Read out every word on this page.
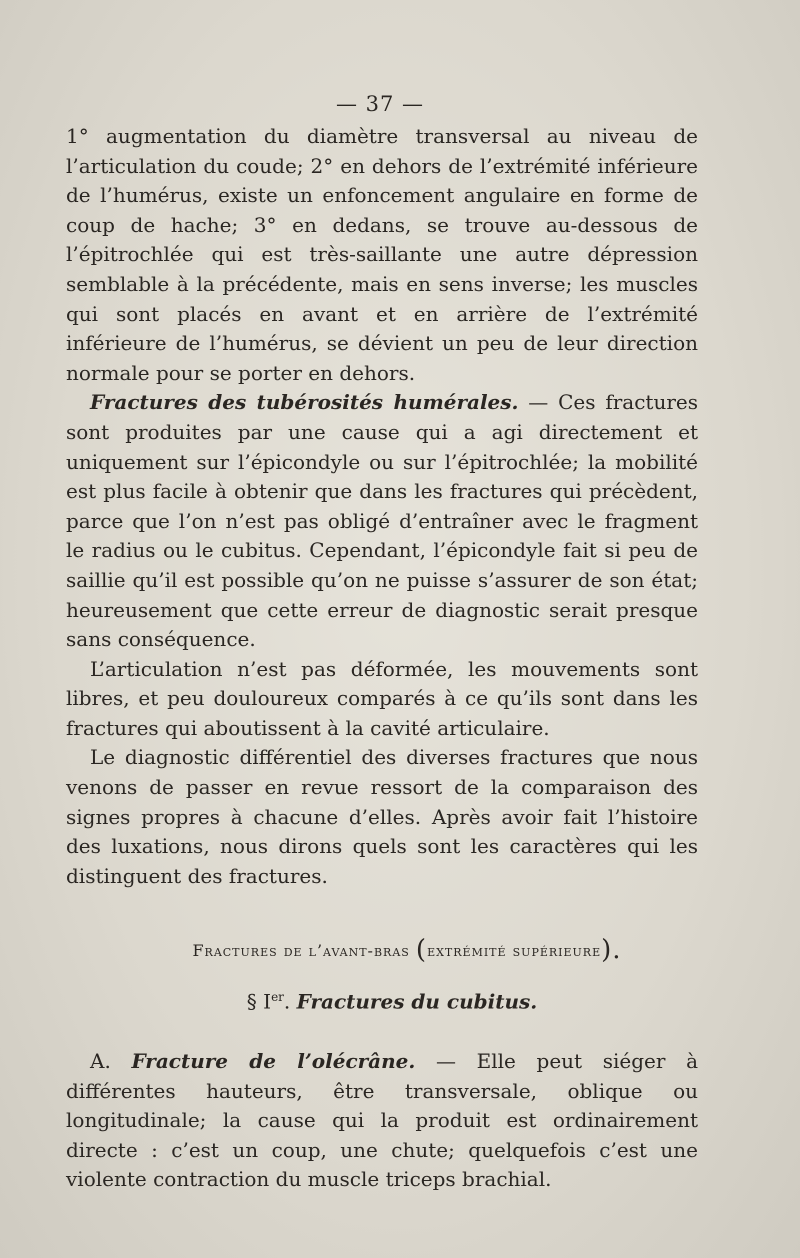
— 37 —

1° augmentation du diamètre transversal au niveau de l’articulation du coude; 2° en dehors de l’extrémité inférieure de l’humérus, existe un enfoncement angulaire en forme de coup de hache; 3° en dedans, se trouve au-dessous de l’épitrochlée qui est très-saillante une autre dépression semblable à la précédente, mais en sens inverse; les muscles qui sont placés en avant et en arrière de l’extrémité inférieure de l’humérus, se dévient un peu de leur direction normale pour se porter en dehors.

Fractures des tubérosités humérales. — Ces fractures sont produites par une cause qui a agi directement et uniquement sur l’épicondyle ou sur l’épitrochlée; la mobilité est plus facile à obtenir que dans les fractures qui précèdent, parce que l’on n’est pas obligé d’entraîner avec le fragment le radius ou le cubitus. Cependant, l’épicondyle fait si peu de saillie qu’il est possible qu’on ne puisse s’assurer de son état; heureusement que cette erreur de diagnostic serait presque sans conséquence.

L’articulation n’est pas déformée, les mouvements sont libres, et peu douloureux comparés à ce qu’ils sont dans les fractures qui aboutissent à la cavité articulaire.

Le diagnostic différentiel des diverses fractures que nous venons de passer en revue ressort de la comparaison des signes propres à chacune d’elles. Après avoir fait l’histoire des luxations, nous dirons quels sont les caractères qui les distinguent des fractures.

Fractures de l’avant-bras (extrémité supérieure).
§ Ier. Fractures du cubitus.

A. Fracture de l’olécrâne. — Elle peut siéger à différentes hauteurs, être transversale, oblique ou longitudinale; la cause qui la produit est ordinairement directe : c’est un coup, une chute; quelquefois c’est une violente contraction du muscle triceps brachial.
